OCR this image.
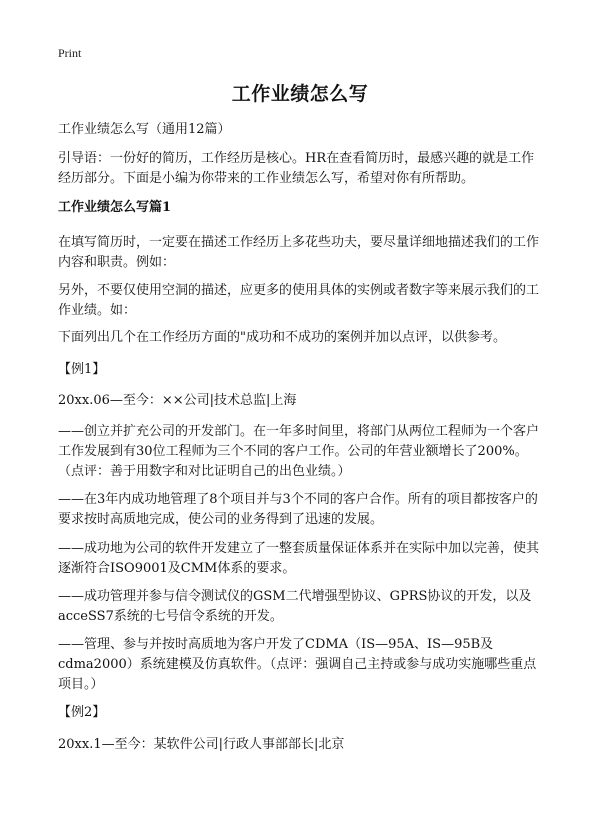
Print
工作业绩怎么写
工作业绩怎么写（通用12篇）
引导语：一份好的简历，工作经历是核心。HR在查看简历时，最感兴趣的就是工作经历部分。下面是小编为你带来的工作业绩怎么写，希望对你有所帮助。
工作业绩怎么写篇1
在填写简历时，一定要在描述工作经历上多花些功夫，要尽量详细地描述我们的工作内容和职责。例如：
另外，不要仅使用空洞的描述，应更多的使用具体的实例或者数字等来展示我们的工作业绩。如：
下面列出几个在工作经历方面的"成功和不成功的案例并加以点评，以供参考。
【例1】
20xx.06—至今：××公司|技术总监|上海
——创立并扩充公司的开发部门。在一年多时间里，将部门从两位工程师为一个客户工作发展到有30位工程师为三个不同的客户工作。公司的年营业额增长了200%。（点评：善于用数字和对比证明自己的出色业绩。）
——在3年内成功地管理了8个项目并与3个不同的客户合作。所有的项目都按客户的要求按时高质地完成，使公司的业务得到了迅速的发展。
——成功地为公司的软件开发建立了一整套质量保证体系并在实际中加以完善，使其逐渐符合ISO9001及CMM体系的要求。
——成功管理并参与信令测试仪的GSM二代增强型协议、GPRS协议的开发，以及acceSS7系统的七号信令系统的开发。
——管理、参与并按时高质地为客户开发了CDMA（IS—95A、IS—95B及cdma2000）系统建模及仿真软件。（点评：强调自己主持或参与成功实施哪些重点项目。）
【例2】
20xx.1—至今：某软件公司|行政人事部部长|北京
